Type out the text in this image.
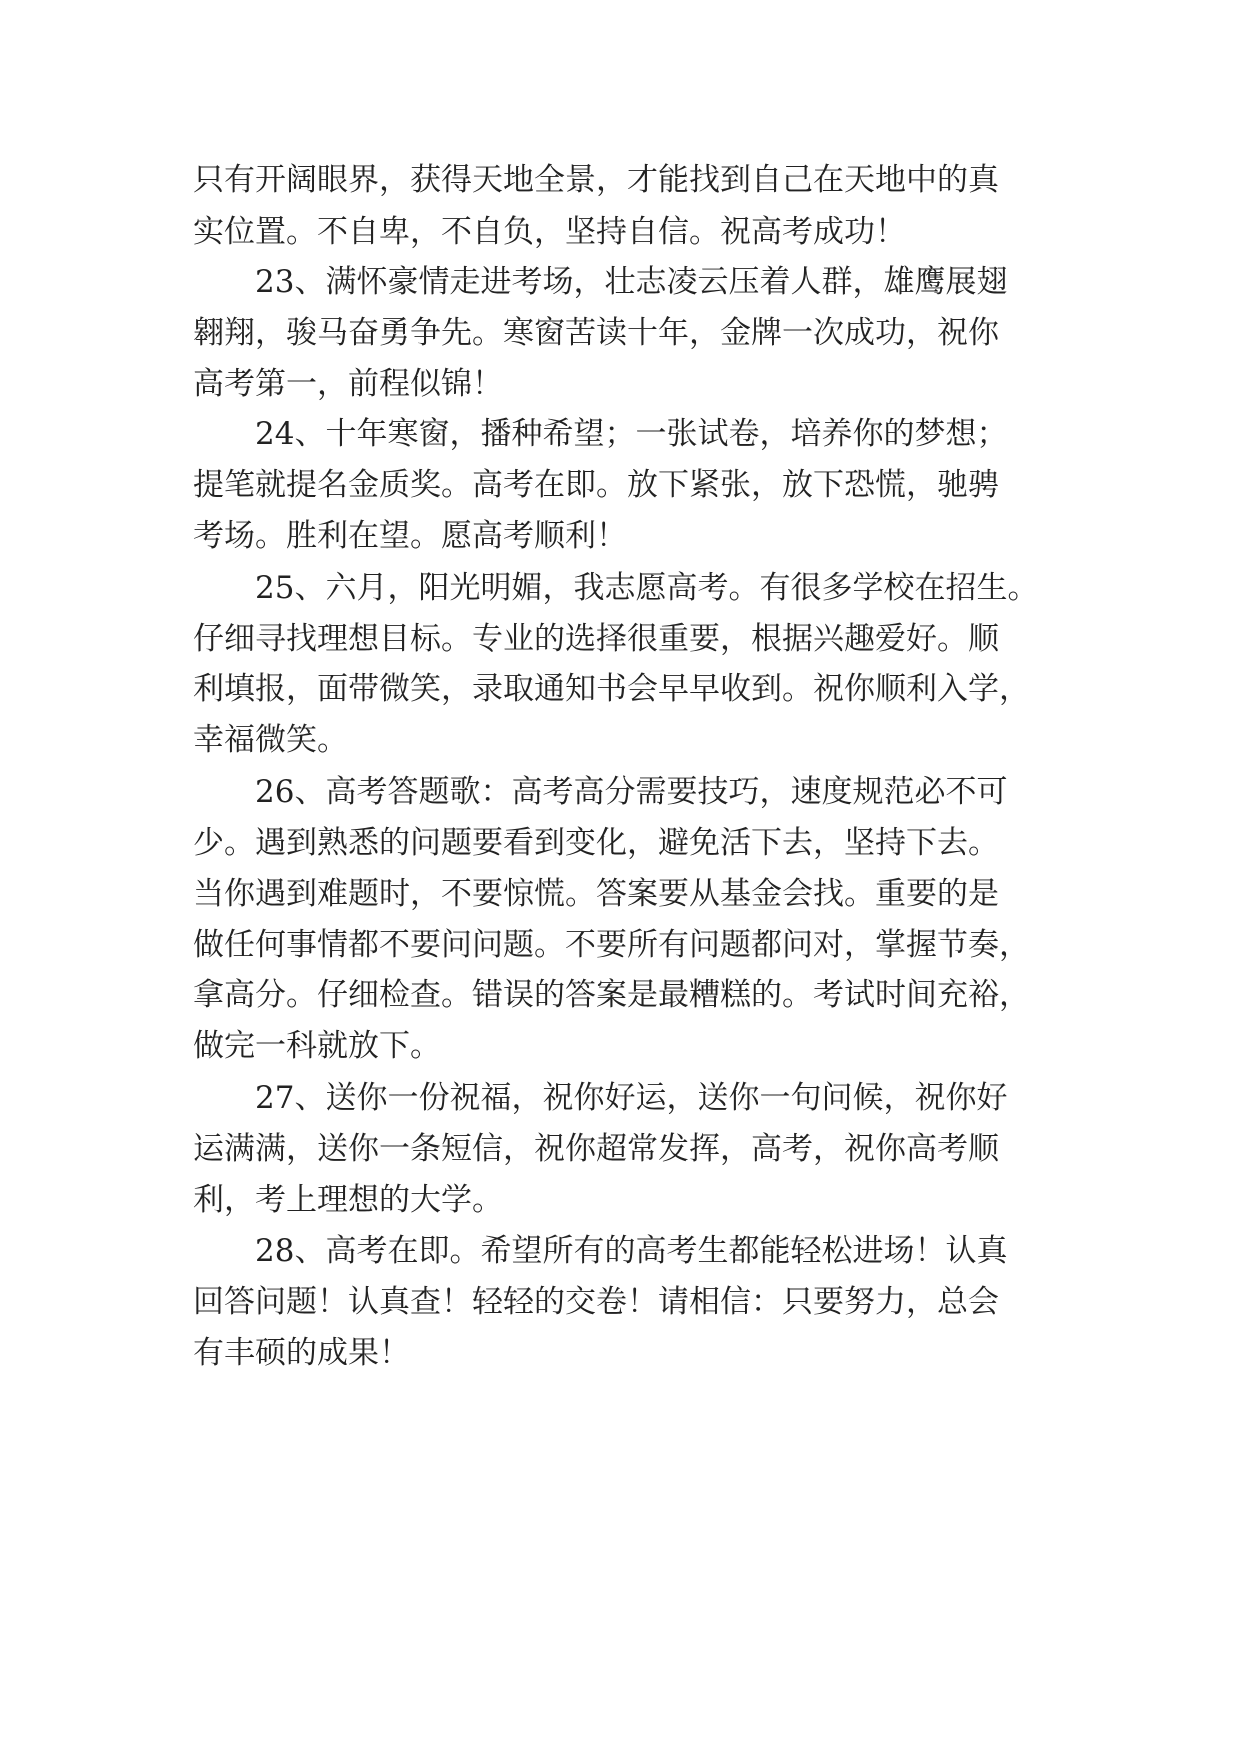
只有开阔眼界，获得天地全景，才能找到自己在天地中的真
实位置。不自卑，不自负，坚持自信。祝高考成功！
23、满怀豪情走进考场，壮志凌云压着人群，雄鹰展翅
翱翔，骏马奋勇争先。寒窗苦读十年，金牌一次成功，祝你
高考第一，前程似锦！
24、十年寒窗，播种希望；一张试卷，培养你的梦想；
提笔就提名金质奖。高考在即。放下紧张，放下恐慌，驰骋
考场。胜利在望。愿高考顺利！
25、六月，阳光明媚，我志愿高考。有很多学校在招生。
仔细寻找理想目标。专业的选择很重要，根据兴趣爱好。顺
利填报，面带微笑，录取通知书会早早收到。祝你顺利入学，
幸福微笑。
26、高考答题歌：高考高分需要技巧，速度规范必不可
少。遇到熟悉的问题要看到变化，避免活下去，坚持下去。
当你遇到难题时，不要惊慌。答案要从基金会找。重要的是
做任何事情都不要问问题。不要所有问题都问对，掌握节奏，
拿高分。仔细检查。错误的答案是最糟糕的。考试时间充裕，
做完一科就放下。
27、送你一份祝福，祝你好运，送你一句问候，祝你好
运满满，送你一条短信，祝你超常发挥，高考，祝你高考顺
利，考上理想的大学。
28、高考在即。希望所有的高考生都能轻松进场！认真
回答问题！认真查！轻轻的交卷！请相信：只要努力，总会
有丰硕的成果！
